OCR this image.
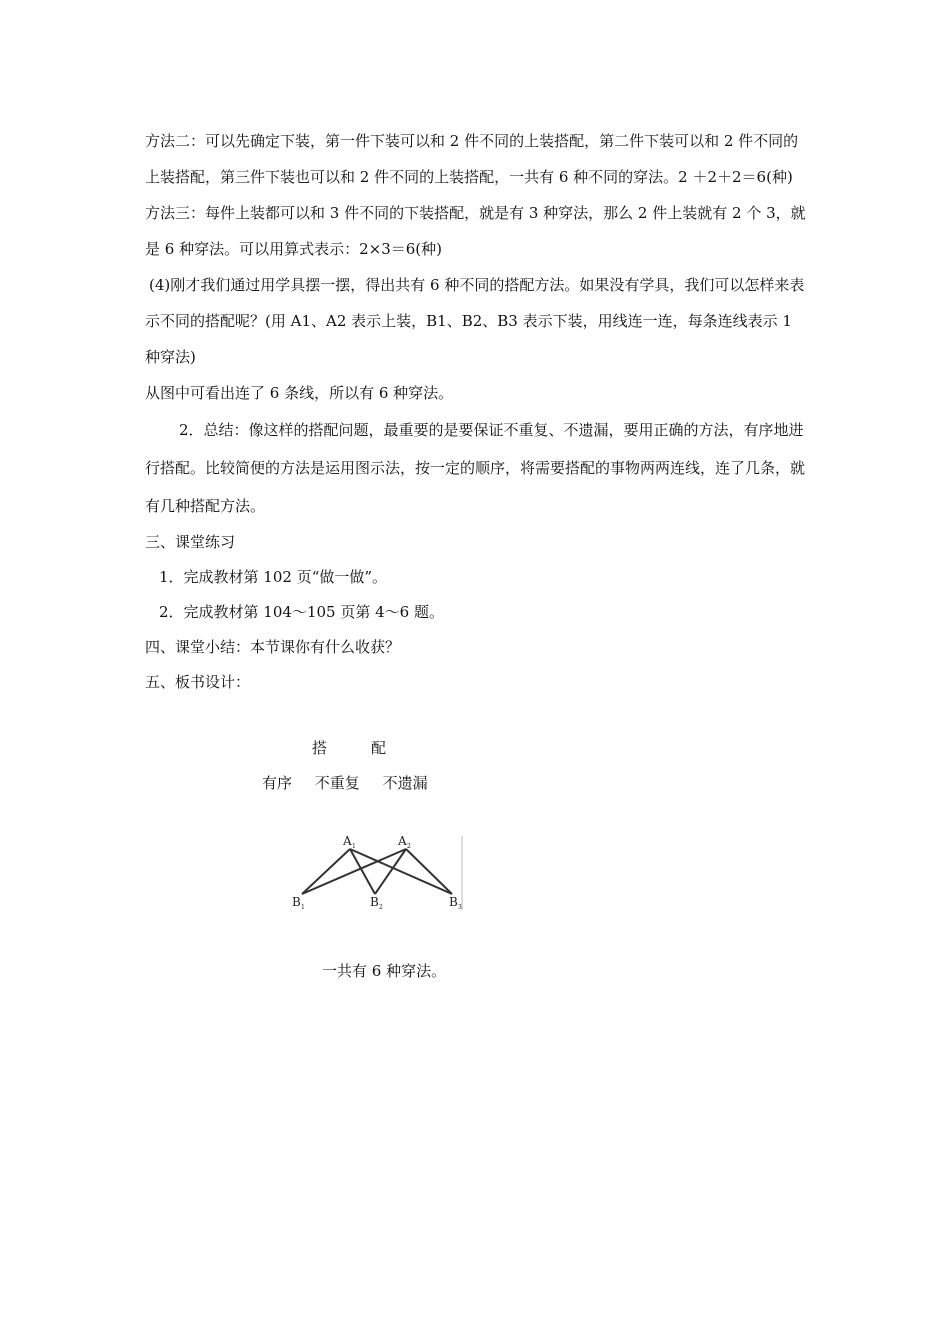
方法二：可以先确定下装，第一件下装可以和 2 件不同的上装搭配，第二件下装可以和 2 件不同的上装搭配，第三件下装也可以和 2 件不同的上装搭配，一共有 6 种不同的穿法。2 ＋2＋2＝6(种)

方法三：每件上装都可以和 3 件不同的下装搭配，就是有 3 种穿法，那么 2 件上装就有 2 个 3，就是 6 种穿法。可以用算式表示：2×3＝6(种)

(4)刚才我们通过用学具摆一摆，得出共有 6 种不同的搭配方法。如果没有学具，我们可以怎样来表示不同的搭配呢？(用 A1、A2 表示上装，B1、B2、B3 表示下装，用线连一连，每条连线表示 1 种穿法)

从图中可看出连了 6 条线，所以有 6 种穿法。

2．总结：像这样的搭配问题，最重要的是要保证不重复、不遗漏，要用正确的方法，有序地进行搭配。比较简便的方法是运用图示法，按一定的顺序，将需要搭配的事物两两连线，连了几条，就有几种搭配方法。

三、课堂练习

1．完成教材第 102 页“做一做”。

2．完成教材第 104～105 页第 4～6 题。

四、课堂小结：本节课你有什么收获？

五、板书设计：

搭	配
有序 不重复 不遗漏
A 1	A 2
B 1	B 2	B 3
一共有 6 种穿法。
